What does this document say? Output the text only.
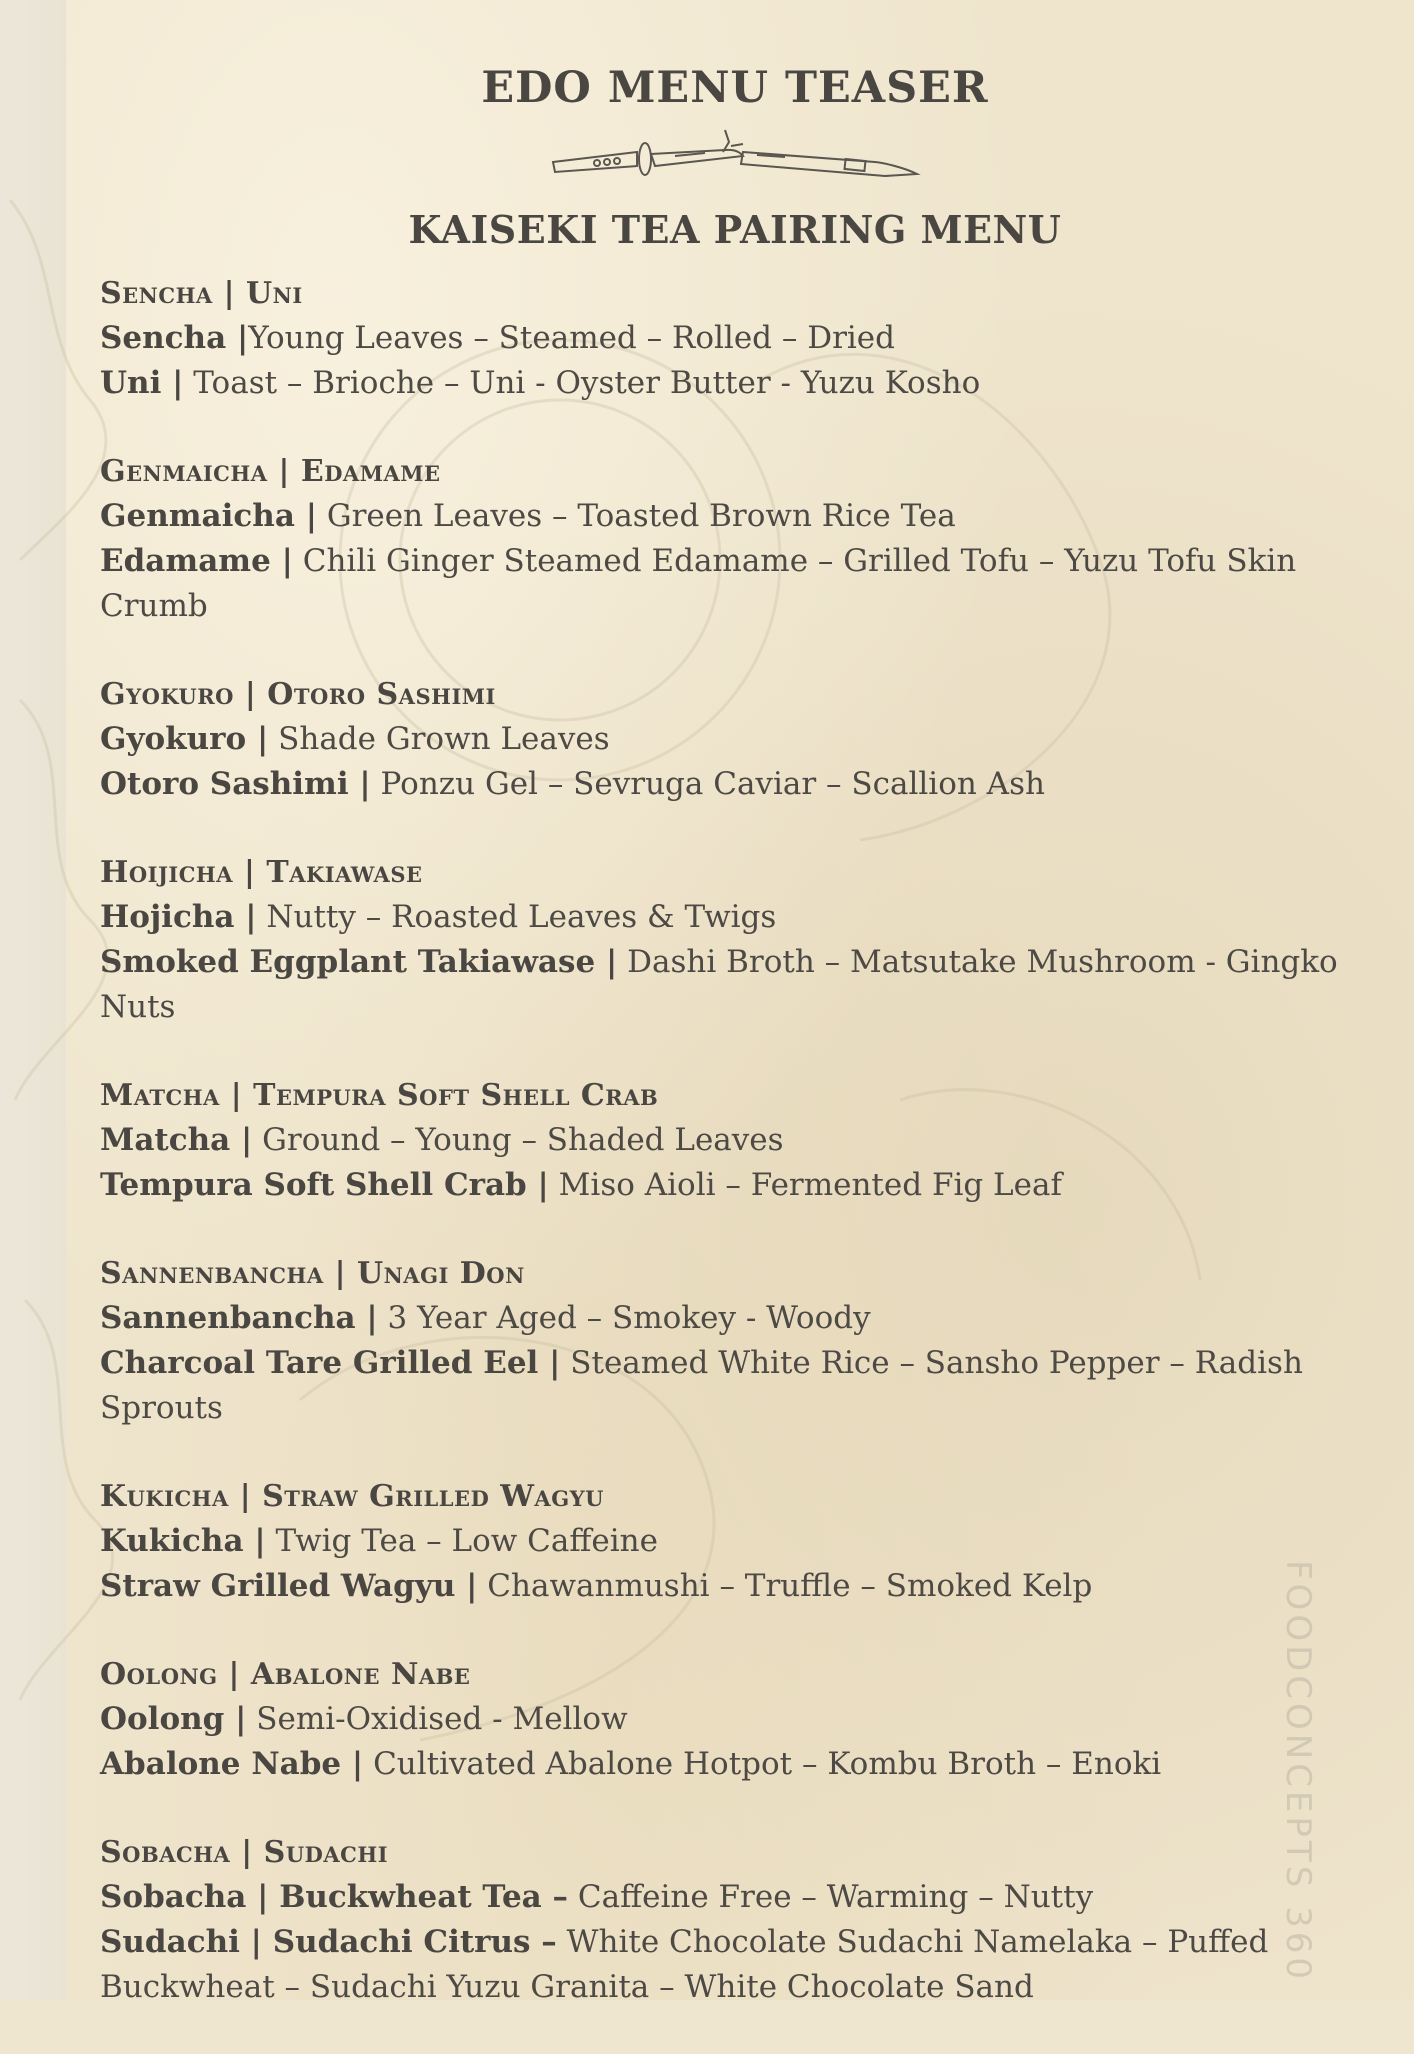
EDO MENU TEASER
KAISEKI TEA PAIRING MENU
Sencha | Uni
Sencha |Young Leaves – Steamed – Rolled – Dried
Uni | Toast – Brioche – Uni - Oyster Butter - Yuzu Kosho
Genmaicha | Edamame
Genmaicha | Green Leaves – Toasted Brown Rice Tea
Edamame | Chili Ginger Steamed Edamame – Grilled Tofu – Yuzu Tofu Skin Crumb
Gyokuro | Otoro Sashimi
Gyokuro | Shade Grown Leaves
Otoro Sashimi | Ponzu Gel – Sevruga Caviar – Scallion Ash
Hoijicha | Takiawase
Hojicha | Nutty – Roasted Leaves & Twigs
Smoked Eggplant Takiawase | Dashi Broth – Matsutake Mushroom - Gingko Nuts
Matcha | Tempura Soft Shell Crab
Matcha | Ground – Young – Shaded Leaves
Tempura Soft Shell Crab | Miso Aioli – Fermented Fig Leaf
Sannenbancha | Unagi Don
Sannenbancha | 3 Year Aged – Smokey - Woody
Charcoal Tare Grilled Eel | Steamed White Rice – Sansho Pepper – Radish Sprouts
Kukicha | Straw Grilled Wagyu
Kukicha | Twig Tea – Low Caffeine
Straw Grilled Wagyu | Chawanmushi – Truffle – Smoked Kelp
Oolong | Abalone Nabe
Oolong | Semi-Oxidised - Mellow
Abalone Nabe | Cultivated Abalone Hotpot – Kombu Broth – Enoki
Sobacha | Sudachi
Sobacha | Buckwheat Tea – Caffeine Free – Warming – Nutty
Sudachi | Sudachi Citrus – White Chocolate Sudachi Namelaka – Puffed Buckwheat – Sudachi Yuzu Granita – White Chocolate Sand
FOODCONCEPTS 360
